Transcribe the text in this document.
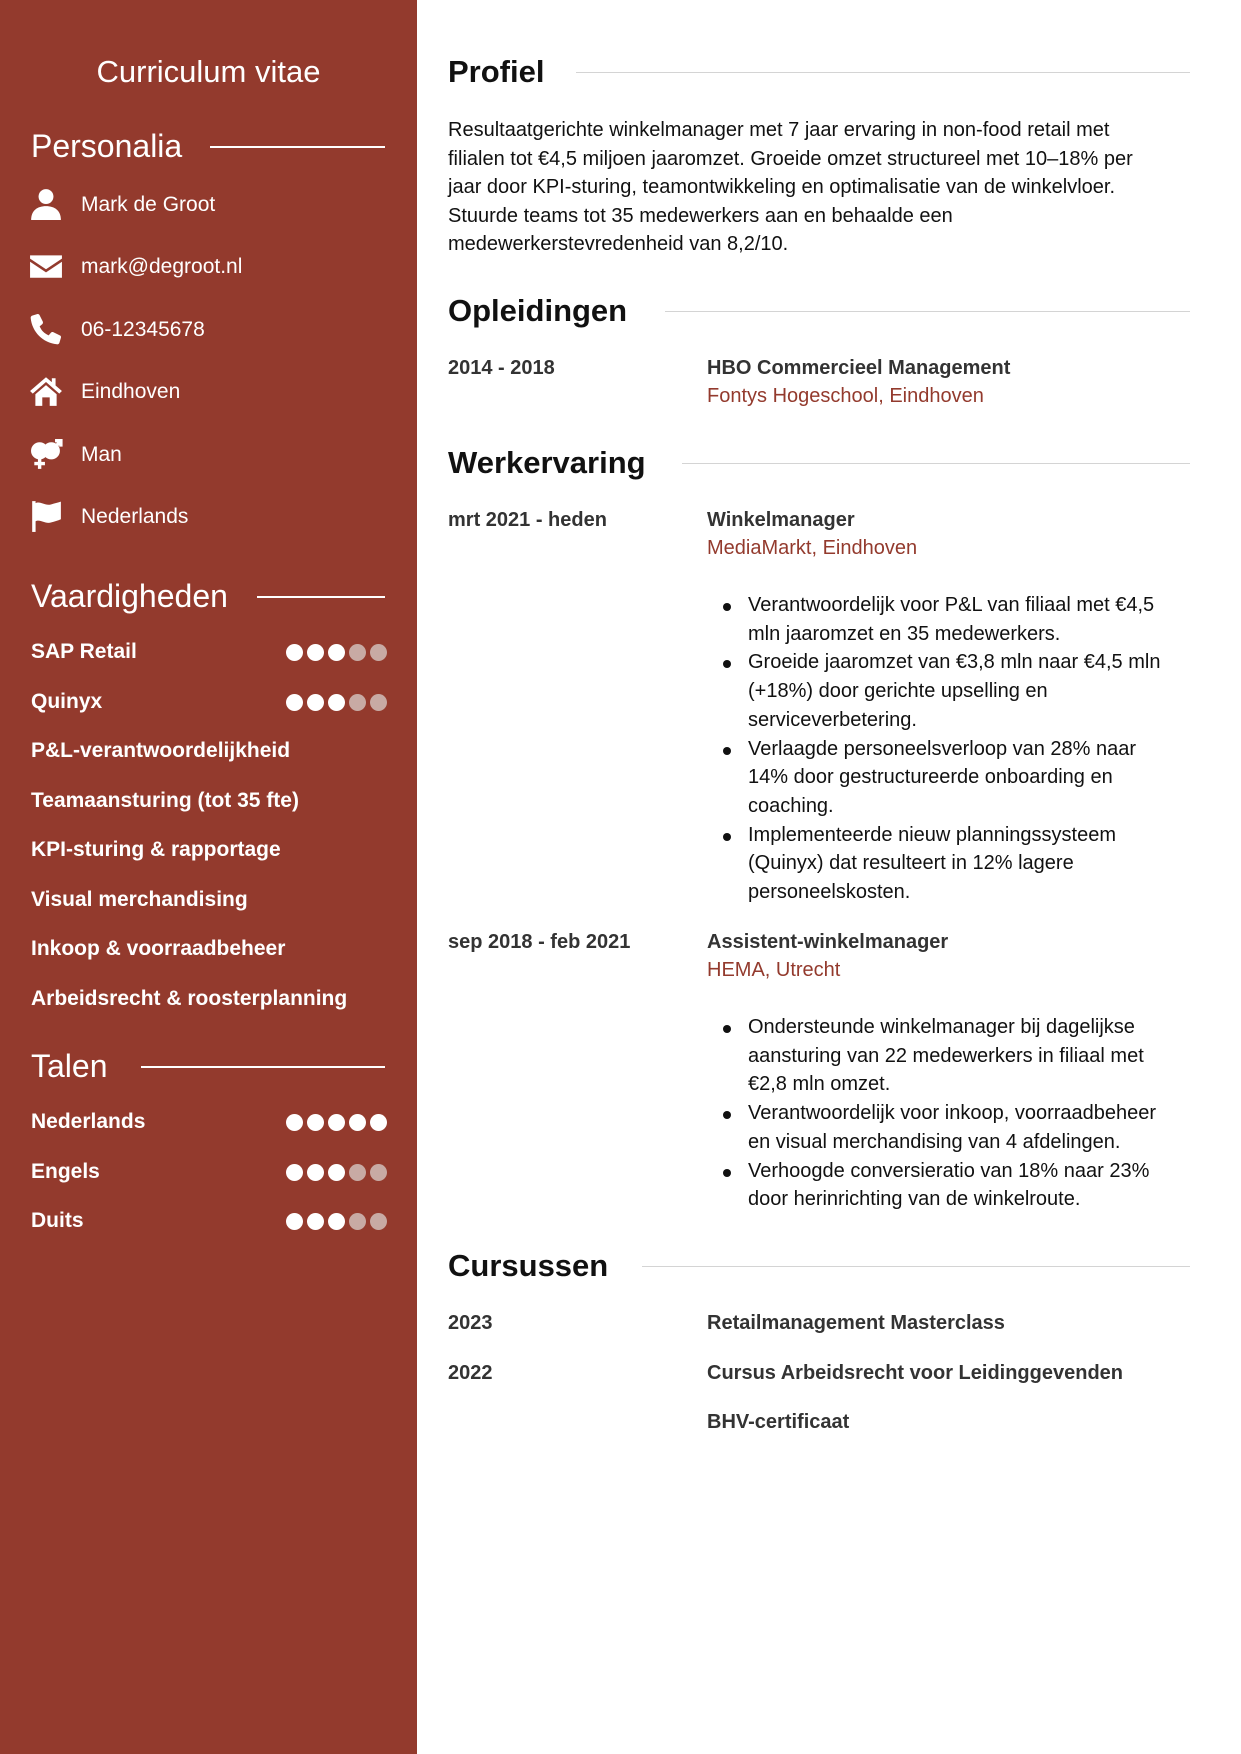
Curriculum vitae
Personalia
Mark de Groot
mark@degroot.nl
06-12345678
Eindhoven
Man
Nederlands
Vaardigheden
SAP Retail
Quinyx
P&L-verantwoordelijkheid
Teamaansturing (tot 35 fte)
KPI-sturing & rapportage
Visual merchandising
Inkoop & voorraadbeheer
Arbeidsrecht & roosterplanning
Talen
Nederlands
Engels
Duits
Profiel
Resultaatgerichte winkelmanager met 7 jaar ervaring in non-food retail met
filialen tot €4,5 miljoen jaaromzet. Groeide omzet structureel met 10–18% per
jaar door KPI-sturing, teamontwikkeling en optimalisatie van de winkelvloer.
Stuurde teams tot 35 medewerkers aan en behaalde een
medewerkerstevredenheid van 8,2/10.
Opleidingen
2014 - 2018	HBO Commercieel Management
Fontys Hogeschool, Eindhoven
Werkervaring
mrt 2021 - heden	Winkelmanager
MediaMarkt, Eindhoven
Verantwoordelijk voor P&L van filiaal met €4,5
mln jaaromzet en 35 medewerkers.
Groeide jaaromzet van €3,8 mln naar €4,5 mln
(+18%) door gerichte upselling en
serviceverbetering.
Verlaagde personeelsverloop van 28% naar
14% door gestructureerde onboarding en
coaching.
Implementeerde nieuw planningssysteem
(Quinyx) dat resulteert in 12% lagere
personeelskosten.
sep 2018 - feb 2021	Assistent-winkelmanager
HEMA, Utrecht
Ondersteunde winkelmanager bij dagelijkse
aansturing van 22 medewerkers in filiaal met
€2,8 mln omzet.
Verantwoordelijk voor inkoop, voorraadbeheer
en visual merchandising van 4 afdelingen.
Verhoogde conversieratio van 18% naar 23%
door herinrichting van de winkelroute.
Cursussen
2023	Retailmanagement Masterclass
2022	Cursus Arbeidsrecht voor Leidinggevenden
BHV-certificaat
